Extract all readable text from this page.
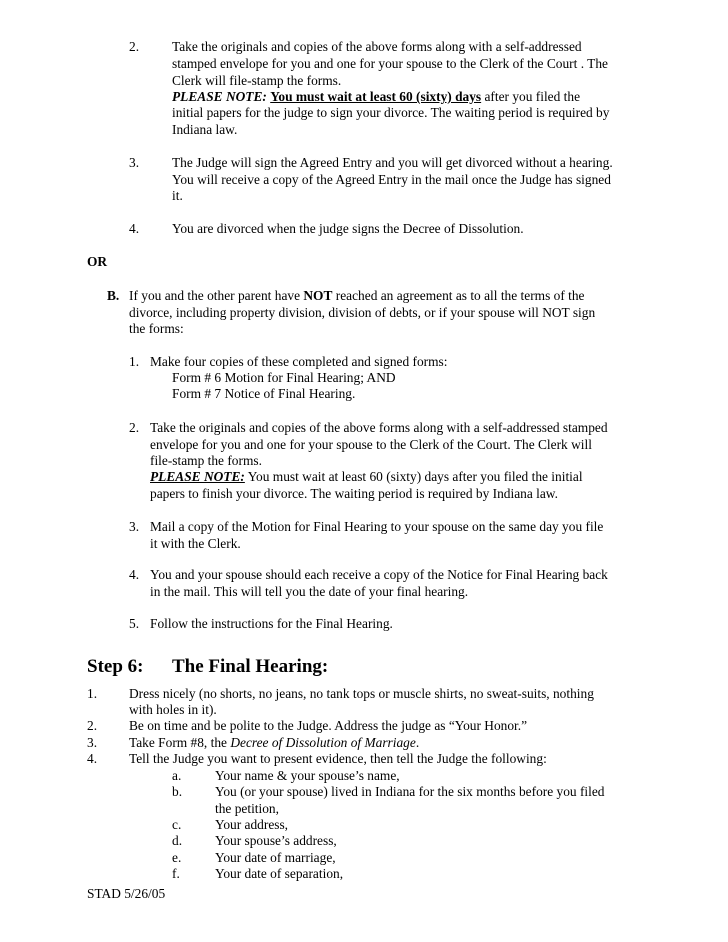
2. Take the originals and copies of the above forms along with a self-addressed
stamped envelope for you and one for your spouse to the Clerk of the Court . The
Clerk will file-stamp the forms.
PLEASE NOTE: You must wait at least 60 (sixty) days after you filed the
initial papers for the judge to sign your divorce. The waiting period is required by
Indiana law.
3. The Judge will sign the Agreed Entry and you will get divorced without a hearing.
You will receive a copy of the Agreed Entry in the mail once the Judge has signed
it.
4. You are divorced when the judge signs the Decree of Dissolution.
OR
B. If you and the other parent have NOT reached an agreement as to all the terms of the
divorce, including property division, division of debts, or if your spouse will NOT sign
the forms:
1. Make four copies of these completed and signed forms:
Form # 6 Motion for Final Hearing; AND
Form # 7 Notice of Final Hearing.
2. Take the originals and copies of the above forms along with a self-addressed stamped
envelope for you and one for your spouse to the Clerk of the Court. The Clerk will
file-stamp the forms.
PLEASE NOTE: You must wait at least 60 (sixty) days after you filed the initial
papers to finish your divorce. The waiting period is required by Indiana law.
3. Mail a copy of the Motion for Final Hearing to your spouse on the same day you file
it with the Clerk.
4. You and your spouse should each receive a copy of the Notice for Final Hearing back
in the mail. This will tell you the date of your final hearing.
5. Follow the instructions for the Final Hearing.
Step 6: The Final Hearing:
1. Dress nicely (no shorts, no jeans, no tank tops or muscle shirts, no sweat-suits, nothing
with holes in it).
2. Be on time and be polite to the Judge. Address the judge as “Your Honor.”
3. Take Form #8, the Decree of Dissolution of Marriage.
4. Tell the Judge you want to present evidence, then tell the Judge the following:
a.	Your name & your spouse’s name,
b. You (or your spouse) lived in Indiana for the six months before you filed
the petition,
c.	Your address,
d. Your spouse’s address,
e.	Your date of marriage,
f.	Your date of separation,
STAD 5/26/05
